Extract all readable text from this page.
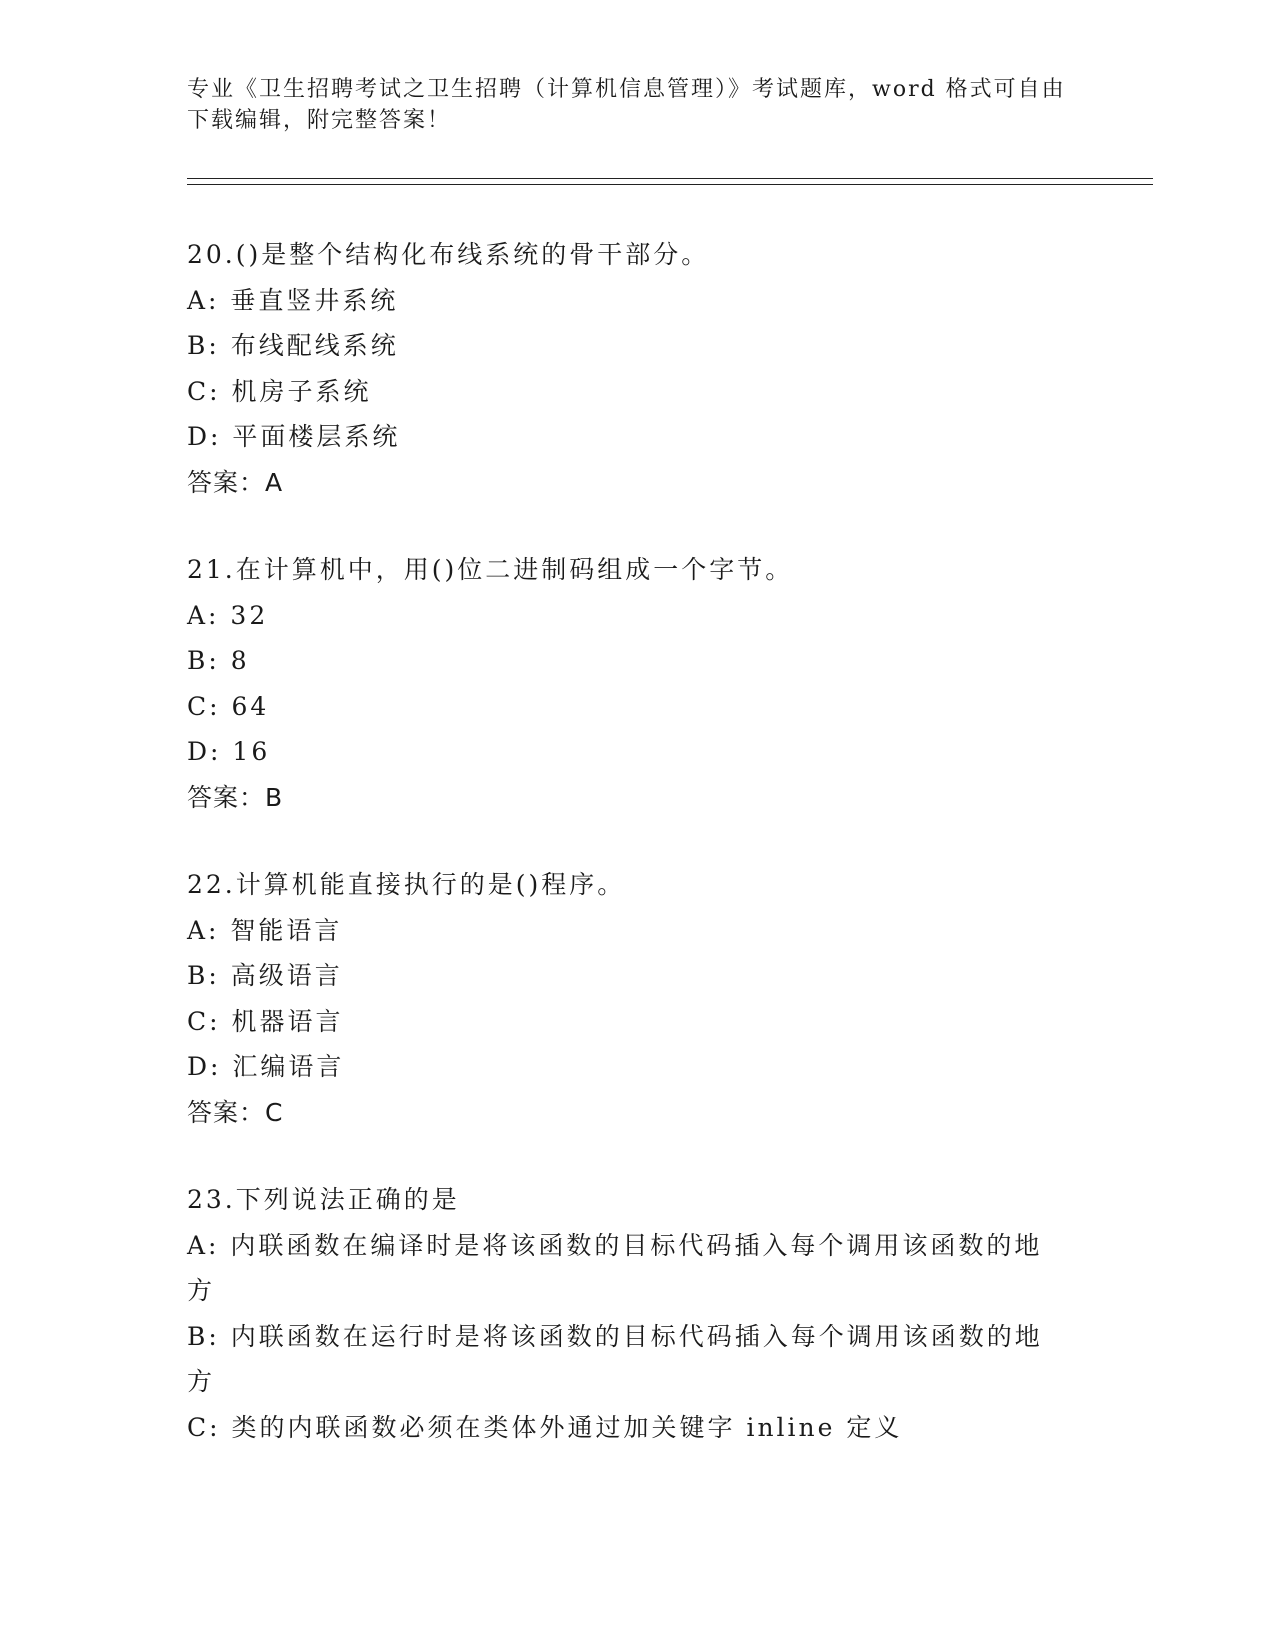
专业《卫生招聘考试之卫生招聘（计算机信息管理）》考试题库，word 格式可自由下载编辑，附完整答案！
20.()是整个结构化布线系统的骨干部分。
A: 垂直竖井系统
B: 布线配线系统
C: 机房子系统
D: 平面楼层系统
答案：A
21.在计算机中，用()位二进制码组成一个字节。
A: 32
B: 8
C: 64
D: 16
答案：B
22.计算机能直接执行的是()程序。
A: 智能语言
B: 高级语言
C: 机器语言
D: 汇编语言
答案：C
23.下列说法正确的是
A: 内联函数在编译时是将该函数的目标代码插入每个调用该函数的地方
B: 内联函数在运行时是将该函数的目标代码插入每个调用该函数的地方
C: 类的内联函数必须在类体外通过加关键字 inline 定义
